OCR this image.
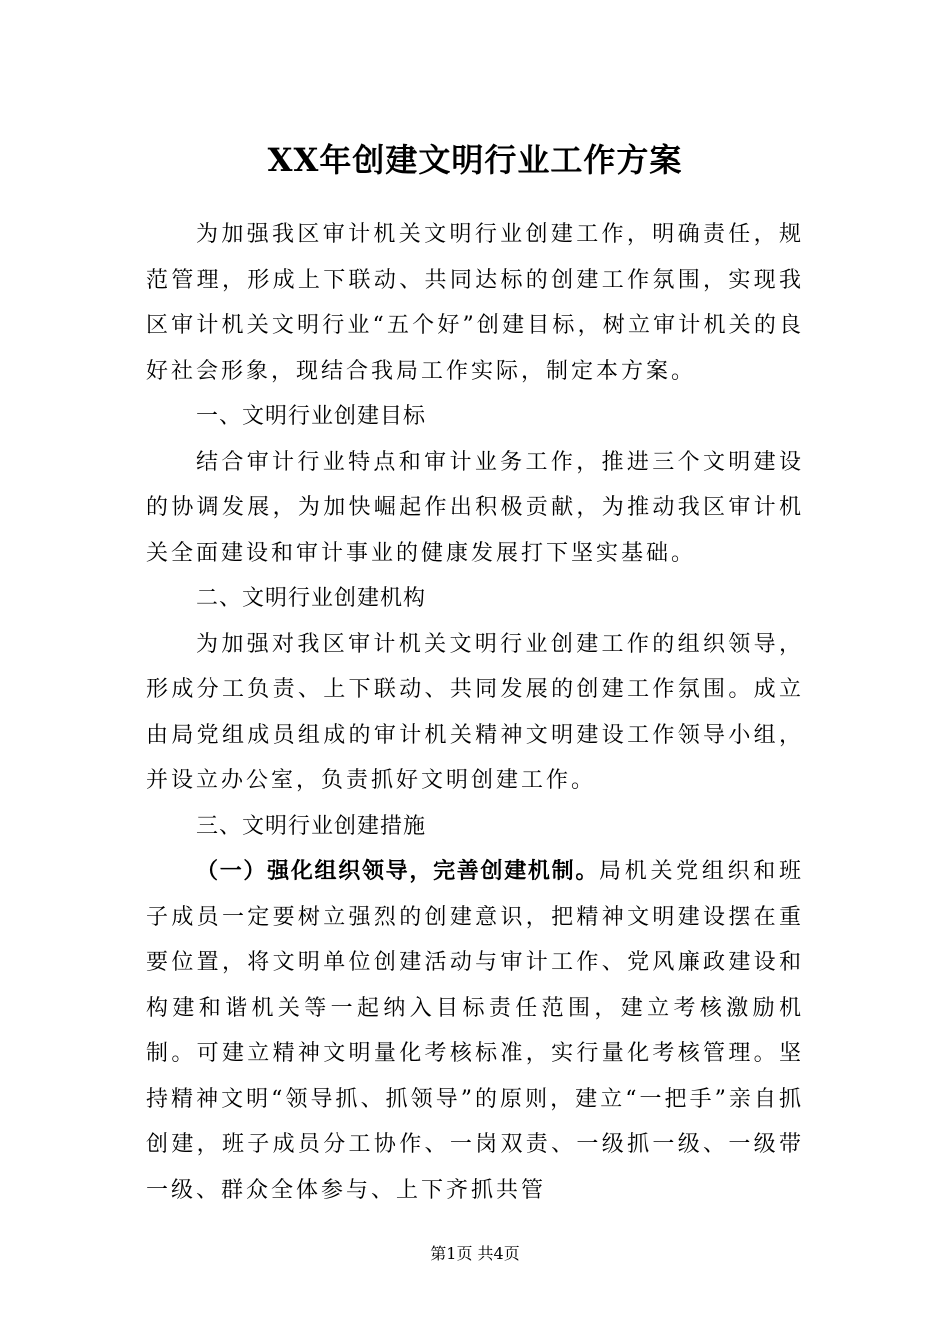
XX年创建文明行业工作方案

为加强我区审计机关文明行业创建工作，明确责任，规范管理，形成上下联动、共同达标的创建工作氛围，实现我区审计机关文明行业“五个好”创建目标，树立审计机关的良好社会形象，现结合我局工作实际，制定本方案。

一、文明行业创建目标

结合审计行业特点和审计业务工作，推进三个文明建设的协调发展，为加快崛起作出积极贡献，为推动我区审计机关全面建设和审计事业的健康发展打下坚实基础。

二、文明行业创建机构

为加强对我区审计机关文明行业创建工作的组织领导，形成分工负责、上下联动、共同发展的创建工作氛围。成立由局党组成员组成的审计机关精神文明建设工作领导小组，并设立办公室，负责抓好文明创建工作。

三、文明行业创建措施

（一）强化组织领导，完善创建机制。局机关党组织和班子成员一定要树立强烈的创建意识，把精神文明建设摆在重要位置，将文明单位创建活动与审计工作、党风廉政建设和构建和谐机关等一起纳入目标责任范围，建立考核激励机制。可建立精神文明量化考核标准，实行量化考核管理。坚持精神文明“领导抓、抓领导”的原则，建立“一把手”亲自抓创建，班子成员分工协作、一岗双责、一级抓一级、一级带一级、群众全体参与、上下齐抓共管

第1页 共4页
